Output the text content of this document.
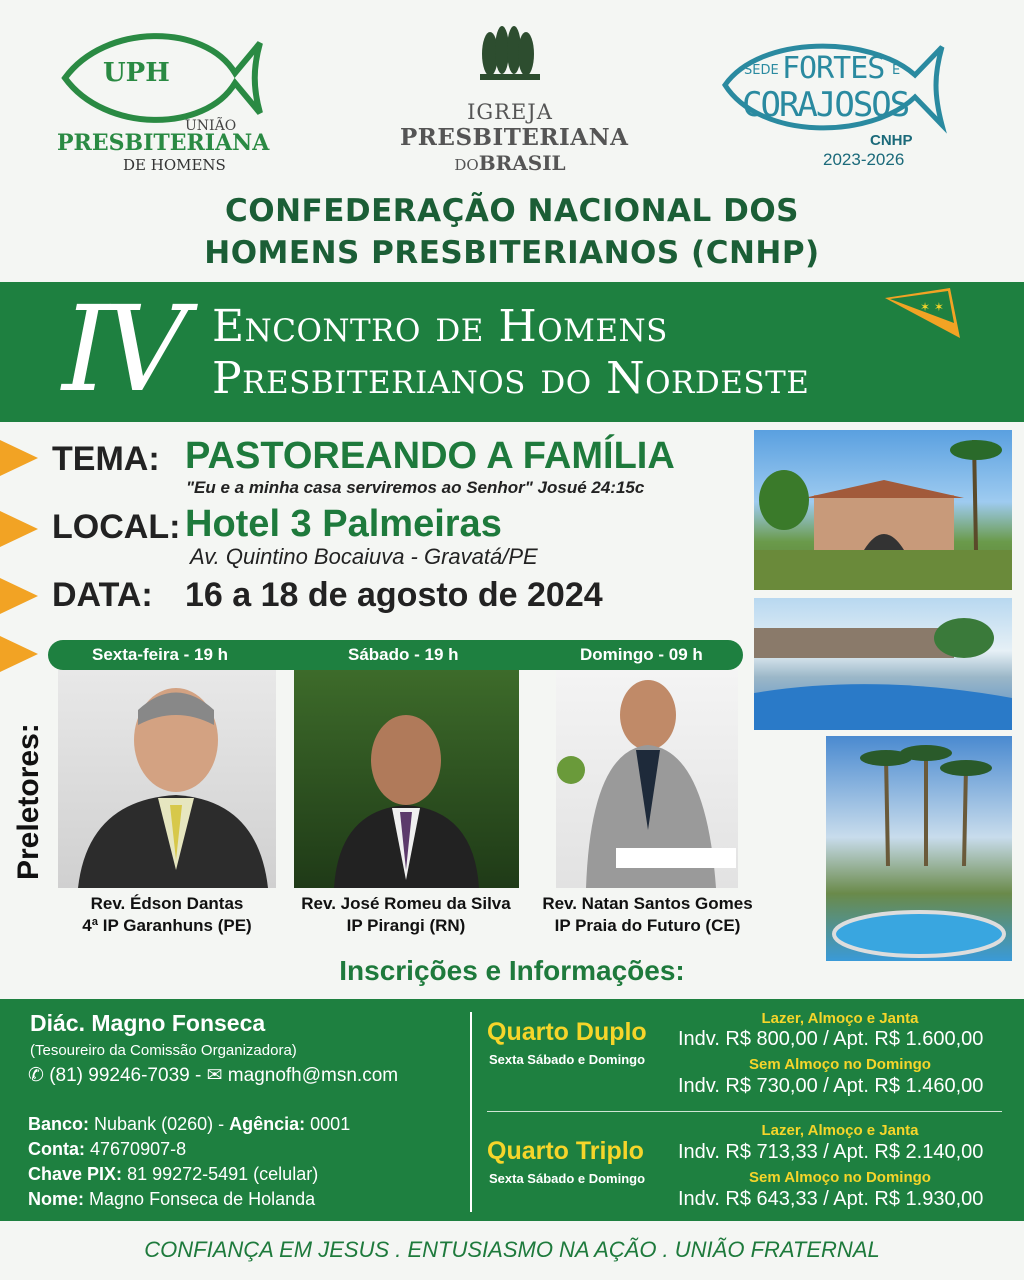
UPH
UNIÃO
PRESBITERIANA
DE HOMENS
IGREJA
PRESBITERIANA
DOBRASIL
SEDE FORTES E
CORAJOSOS
CNHP
2023-2026
CONFEDERAÇÃO NACIONAL DOS
HOMENS PRESBITERIANOS (CNHP)
IV Encontro de Homens
Presbiterianos do Nordeste
✶ ✶
TEMA: PASTOREANDO A FAMÍLIA
"Eu e a minha casa serviremos ao Senhor" Josué 24:15c
LOCAL: Hotel 3 Palmeiras
Av. Quintino Bocaiuva - Gravatá/PE
DATA: 16 a 18 de agosto de 2024
Sexta-feira - 19 h	Sábado - 19 h	Domingo - 09 h
Preletores:
Rev. Édson Dantas
4ª IP Garanhuns (PE)
Rev. José Romeu da Silva
IP Pirangi (RN)
Rev. Natan Santos Gomes
IP Praia do Futuro (CE)
Inscrições e Informações:
Diác. Magno Fonseca
(Tesoureiro da Comissão Organizadora)
✆ (81) 99246-7039 - ✉ magnofh@msn.com
Banco: Nubank (0260) - Agência: 0001
Conta: 47670907-8
Chave PIX: 81 99272-5491 (celular)
Nome: Magno Fonseca de Holanda
Quarto Duplo
Sexta Sábado e Domingo
Lazer, Almoço e Janta
Indv. R$ 800,00 / Apt. R$ 1.600,00
Sem Almoço no Domingo
Indv. R$ 730,00 / Apt. R$ 1.460,00
Quarto Triplo
Sexta Sábado e Domingo
Lazer, Almoço e Janta
Indv. R$ 713,33 / Apt. R$ 2.140,00
Sem Almoço no Domingo
Indv. R$ 643,33 / Apt. R$ 1.930,00
CONFIANÇA EM JESUS . ENTUSIASMO NA AÇÃO . UNIÃO FRATERNAL
